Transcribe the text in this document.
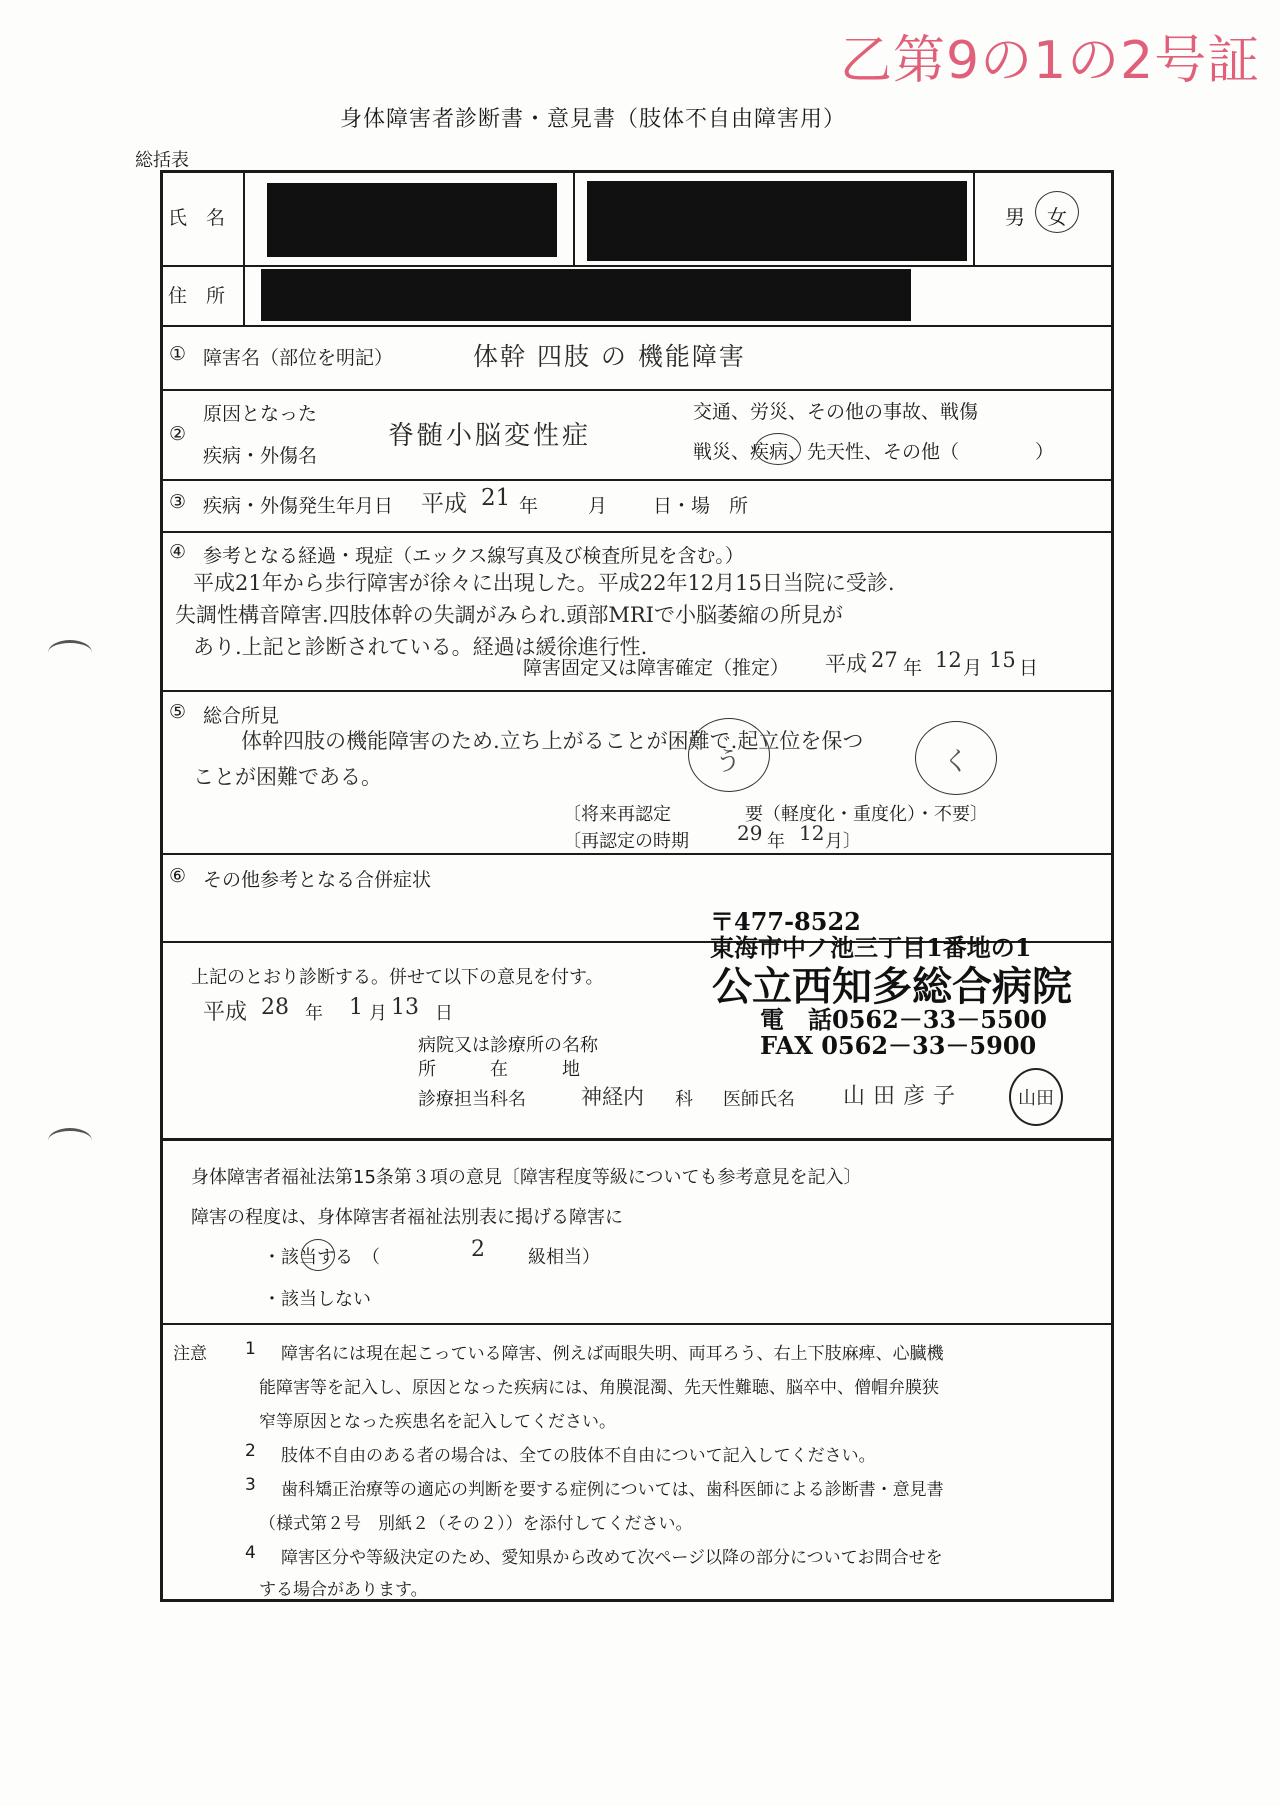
乙第9の1の2号証
身体障害者診断書・意見書（肢体不自由障害用）
総括表
氏　名	男 女
住　所
① 障害名（部位を明記）	体幹 四肢 の 機能障害
②
原因となった
疾病・外傷名
脊髄小脳変性症
交通、労災、その他の事故、戦傷
戦災、疾病、先天性、その他（　　　　）
③ 疾病・外傷発生年月日 平成 21 年	月 日・場　所
④ 参考となる経過・現症（エックス線写真及び検査所見を含む。）
平成21年から歩行障害が徐々に出現した。平成22年12月15日当院に受診.
失調性構音障害.四肢体幹の失調がみられ.頭部MRIで小脳萎縮の所見が
あり.上記と診断されている。経過は緩徐進行性.
障害固定又は障害確定（推定） 平成 27 年 12 月 15 日
⑤ 総合所見
体幹四肢の機能障害のため.立ち上がることが困難で.起立位を保つ
ことが困難である。	う	く
〔将来再認定	要（軽度化・重度化）・不要〕
〔再認定の時期 29 年 12 月〕
⑥ その他参考となる合併症状
上記のとおり診断する。併せて以下の意見を付す。
平成 28 年 1 月 13 日
病院又は診療所の名称
所　　　在　　　地
診療担当科名	神経内 科 医師氏名 山田彦子	山田
身体障害者福祉法第15条第３項の意見〔障害程度等級についても参考意見を記入〕
障害の程度は、身体障害者福祉法別表に掲げる障害に
・該当する　（	2 級相当）
・該当しない
注意 1 障害名には現在起こっている障害、例えば両眼失明、両耳ろう、右上下肢麻痺、心臓機
能障害等を記入し、原因となった疾病には、角膜混濁、先天性難聴、脳卒中、僧帽弁膜狭
窄等原因となった疾患名を記入してください。
2 肢体不自由のある者の場合は、全ての肢体不自由について記入してください。
3 歯科矯正治療等の適応の判断を要する症例については、歯科医師による診断書・意見書
（様式第２号　別紙２（その２））を添付してください。
4 障害区分や等級決定のため、愛知県から改めて次ページ以降の部分についてお問合せを
する場合があります。
〒477-8522
東海市中ノ池三丁目1番地の1
公立西知多総合病院
電　話0562－33－5500
FAX 0562－33－5900
